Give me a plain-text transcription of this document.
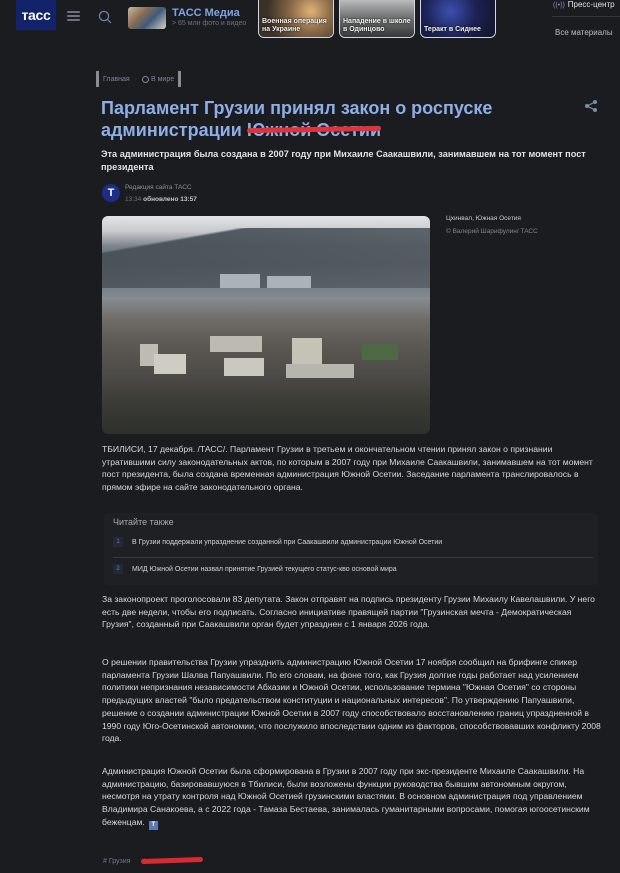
тасс	ТАСС Медиа
> 65 млн фото и видео Военная операция на Украине
Нападение в школе в Одинцово	Теракт в Сиднее
((•)) Пресс-центр
Все материалы
Главная · В мире
Парламент Грузии принял закон о роспуске администрации

Эта администрация была создана в 2007 году при Михаиле Саакашвили, занимавшем на тот момент пост президента

T	Редакция сайта ТАСС
13:34 обновлено 13:57
Цхинвал, Южная Осетия
© Валерий Шарифулин/ ТАСС

ТБИЛИСИ, 17 декабря. /ТАСС/. Парламент Грузии в третьем и окончательном чтении принял закон о признании утратившими силу законодательных актов, по которым в 2007 году при Михаиле Саакашвили, занимавшем на тот момент пост президента, была создана временная администрация Южной Осетии. Заседание парламента транслировалось в прямом эфире на сайте законодательного органа.

Читайте также
1	В Грузии поддержали упразднение созданной при Саакашвили администрации Южной Осетии
2	МИД Южной Осетии назвал принятие Грузией текущего статус-кво основой мира

За законопроект проголосовали 83 депутата. Закон отправят на подпись президенту Грузии Михаилу Кавелашвили. У него есть две недели, чтобы его подписать. Согласно инициативе правящей партии "Грузинская мечта - Демократическая Грузия", созданный при Саакашвили орган будет упразднен с 1 января 2026 года.

О решении правительства Грузии упразднить администрацию Южной Осетии 17 ноября сообщил на брифинге спикер парламента Грузии Шалва Папуашвили. По его словам, на фоне того, как Грузия долгие годы работает над усилением политики непризнания независимости Абхазии и Южной Осетии, использование термина "Южная Осетия" со стороны предыдущих властей "было предательством конституции и национальных интересов". По утверждению Папуашвили, решение о создании администрации Южной Осетии в 2007 году способствовало восстановлению границ упраздненной в 1990 году Юго-Осетинской автономии, что послужило впоследствии одним из факторов, способствовавших конфликту 2008 года.

Администрация Южной Осетии была сформирована в Грузии в 2007 году при экс-президенте Михаиле Саакашвили. На администрацию, базировавшуюся в Тбилиси, были возложены функции руководства бывшим автономным округом, несмотря на утрату контроля над Южной Осетией грузинскими властями. В основном администрация под управлением Владимира Санакоева, а с 2022 года - Тамаза Бестаева, занималась гуманитарными вопросами, помогая югоосетинским беженцам. T

# Грузия
